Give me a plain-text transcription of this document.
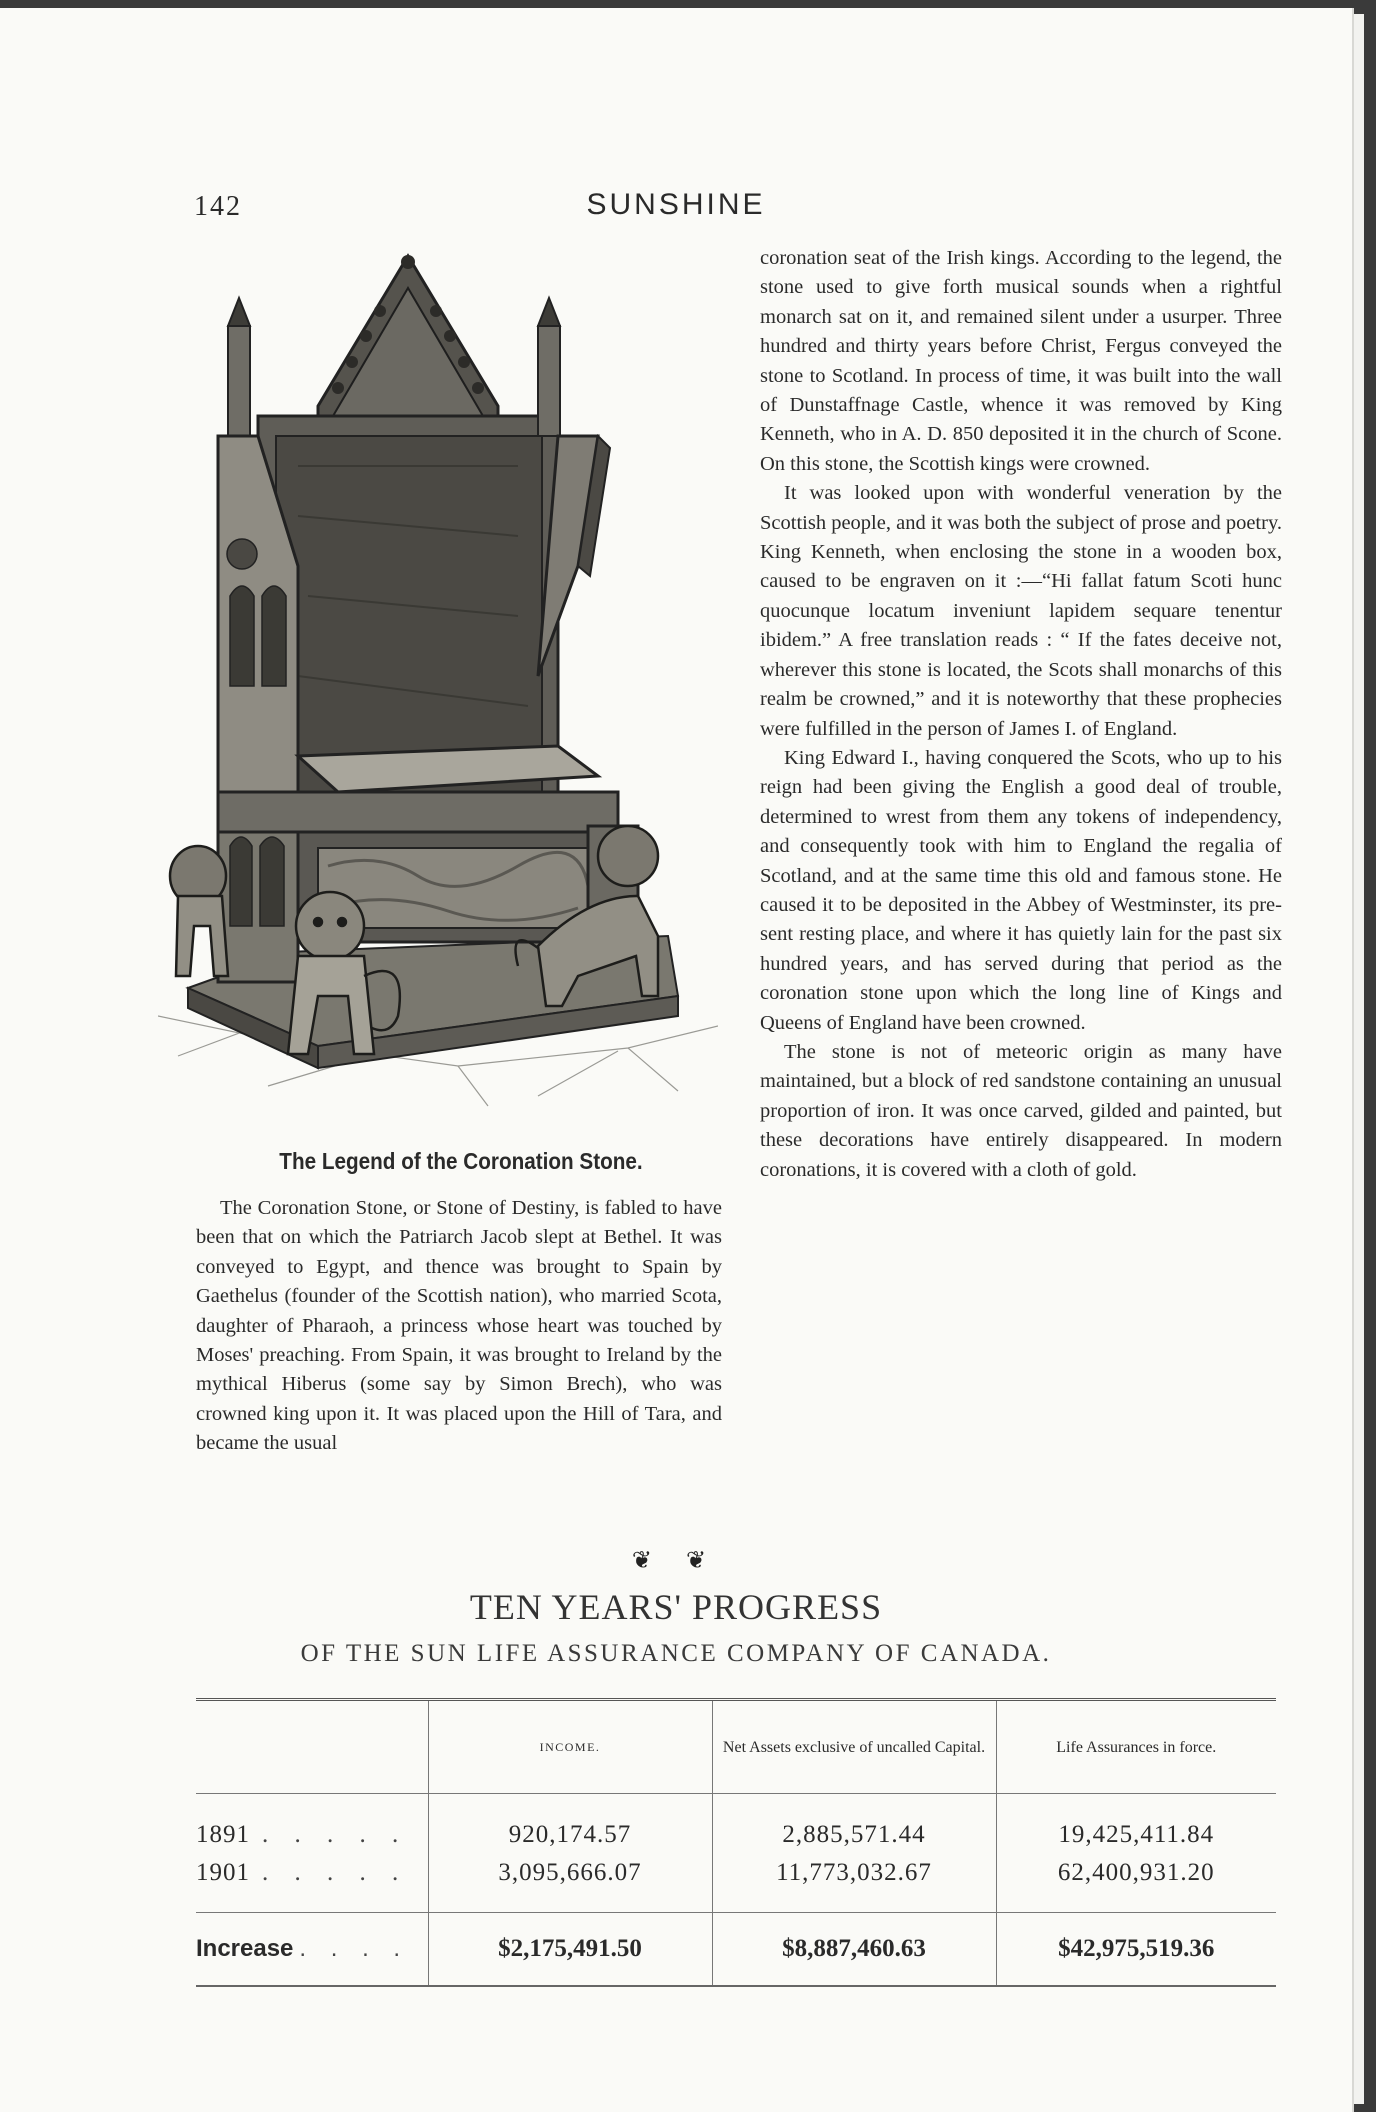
142	SUNSHINE
The Legend of the Coronation Stone.

The Coronation Stone, or Stone of Destiny, is fabled to have been that on which the Patriarch Jacob slept at Bethel. It was conveyed to Egypt, and thence was brought to Spain by Gaethelus (founder of the Scottish nation), who married Scota, daughter of Pharaoh, a princess whose heart was touched by Moses' preaching. From Spain, it was brought to Ireland by the mythical Hiberus (some say by Simon Brech), who was crowned king upon it. It was placed upon the Hill of Tara, and became the usual

coronation seat of the Irish kings. According to the legend, the stone used to give forth musical sounds when a rightful monarch sat on it, and remained silent under a usurper. Three hundred and thirty years before Christ, Fergus conveyed the stone to Scotland. In process of time, it was built into the wall of Dunstaffnage Castle, whence it was removed by King Kenneth, who in A. D. 850 deposited it in the church of Scone. On this stone, the Scottish kings were crowned.

It was looked upon with wonderful veneration by the Scottish people, and it was both the subject of prose and poetry. King Kenneth, when enclosing the stone in a wooden box, caused to be engraven on it :—“Hi fallat fatum Scoti hunc quocunque locatum inveniunt lapidem sequare tenentur ibidem.” A free translation reads : “ If the fates deceive not, wherever this stone is located, the Scots shall monarchs of this realm be crowned,” and it is noteworthy that these prophecies were fulfilled in the person of James I. of England.

King Edward I., having conquered the Scots, who up to his reign had been giving the English a good deal of trouble, determined to wrest from them any tokens of independency, and consequently took with him to England the regalia of Scotland, and at the same time this old and famous stone. He caused it to be deposited in the Abbey of Westminster, its present resting place, and where it has quietly lain for the past six hundred years, and has served during that period as the coronation stone upon which the long line of Kings and Queens of England have been crowned.

The stone is not of meteoric origin as many have maintained, but a block of red sandstone containing an unusual proportion of iron. It was once carved, gilded and painted, but these decorations have entirely disappeared. In modern coronations, it is covered with a cloth of gold.

❦ ❦
TEN YEARS' PROGRESS
OF THE SUN LIFE ASSURANCE COMPANY OF CANADA.
	INCOME.	Net Assets exclusive of uncalled Capital.	Life Assurances in force.
1891 . . . . .	920,174.57	2,885,571.44	19,425,411.84
1901 . . . . .	3,095,666.07	11,773,032.67	62,400,931.20
Increase . . . .	$2,175,491.50	$8,887,460.63	$42,975,519.36
